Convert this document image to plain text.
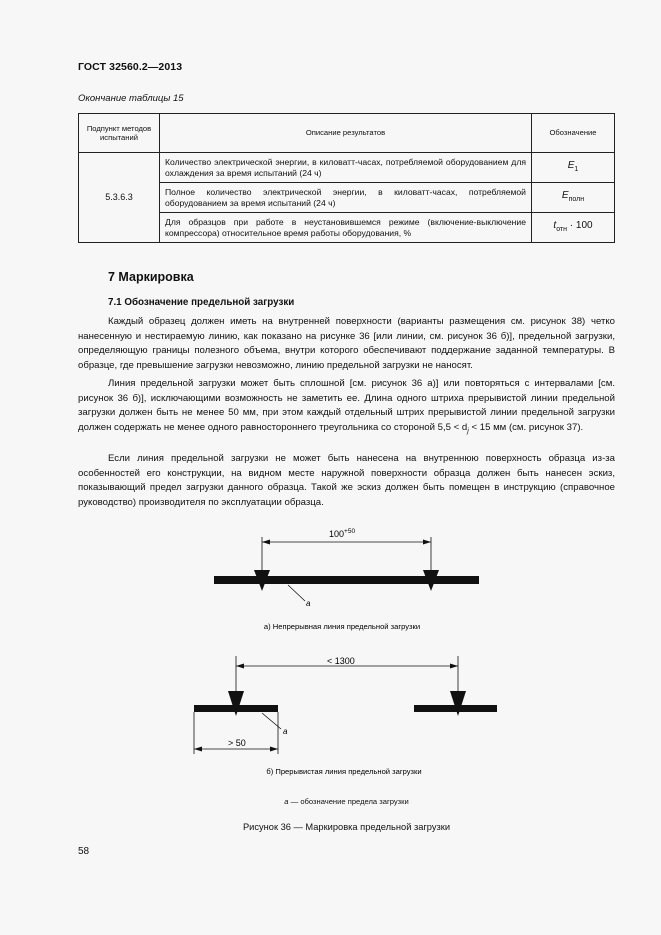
ГОСТ 32560.2—2013
Окончание таблицы 15
Подпункт методов испытаний	Описание результатов	Обозначение
5.3.6.3	Количество электрической энергии, в киловатт-часах, потребляемой оборудованием для охлаждения за время испытаний (24 ч)	$E_1$
	Полное количество электрической энергии, в киловатт-часах, потребляемой оборудованием за время испытаний (24 ч)	$E_{полн}$
	Для образцов при работе в неустановившемся режиме (включение-выключение компрессора) относительное время работы оборудования, %	$t_{отн} \cdot 100$
7 Маркировка
7.1 Обозначение предельной загрузки

Каждый образец должен иметь на внутренней поверхности (варианты размещения см. рисунок 38) четко нанесенную и нестираемую линию, как показано на рисунке 36 [или линии, см. рисунок 36 б)], предельной загрузки, определяющую границы полезного объема, внутри которого обеспечивают поддержание заданной температуры. В образце, где превышение загрузки невозможно, линию предельной загрузки не наносят.

Линия предельной загрузки может быть сплошной [см. рисунок 36 а)] или повторяться с интервалами [см. рисунок 36 б)], исключающими возможность не заметить ее. Длина одного штриха прерывистой линии предельной загрузки должен быть не менее 50 мм, при этом каждый отдельный штрих прерывистой линии предельной загрузки должен содержать не менее одного равностороннего треугольника со стороной $5,5 < d_j < 15$ мм (см. рисунок 37).

Если линия предельной загрузки не может быть нанесена на внутреннюю поверхность образца из-за особенностей его конструкции, на видном месте наружной поверхности образца должен быть нанесен эскиз, показывающий предел загрузки данного образца. Такой же эскиз должен быть помещен в инструкцию (справочное руководство) производителя по эксплуатации образца.

$100^{+50}$
a
а) Непрерывная линия предельной загрузки
< 1300
a
> 50
б) Прерывистая линия предельной загрузки
a — обозначение предела загрузки
Рисунок 36 — Маркировка предельной загрузки
58
